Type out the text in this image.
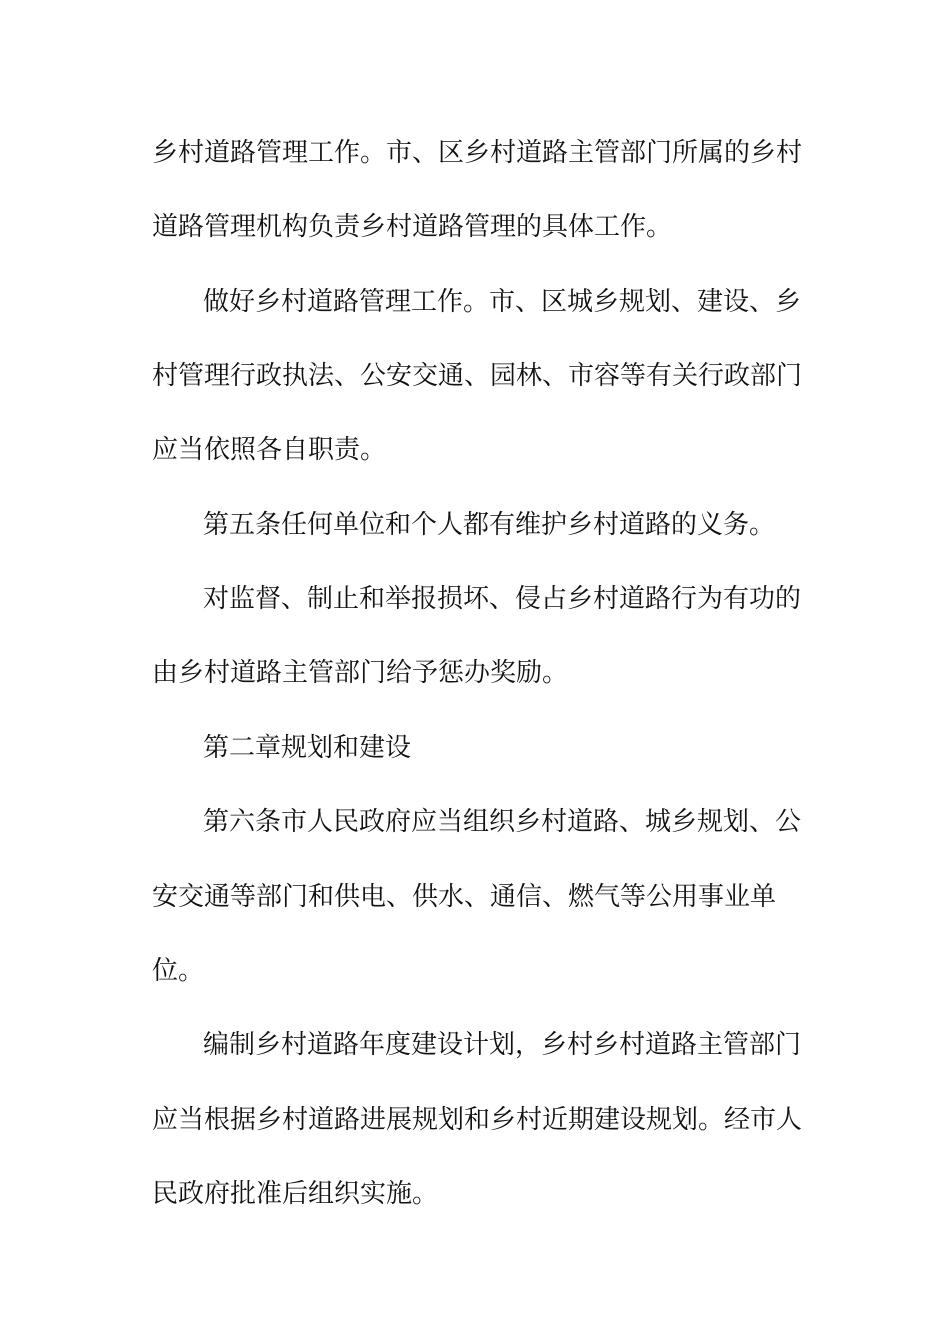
乡村道路管理工作。市、区乡村道路主管部门所属的乡村

道路管理机构负责乡村道路管理的具体工作。

做好乡村道路管理工作。市、区城乡规划、建设、乡

村管理行政执法、公安交通、园林、市容等有关行政部门

应当依照各自职责。

第五条任何单位和个人都有维护乡村道路的义务。

对监督、制止和举报损坏、侵占乡村道路行为有功的

由乡村道路主管部门给予惩办奖励。

第二章规划和建设

第六条市人民政府应当组织乡村道路、城乡规划、公

安交通等部门和供电、供水、通信、燃气等公用事业单

位。

编制乡村道路年度建设计划，乡村乡村道路主管部门

应当根据乡村道路进展规划和乡村近期建设规划。经市人

民政府批准后组织实施。
